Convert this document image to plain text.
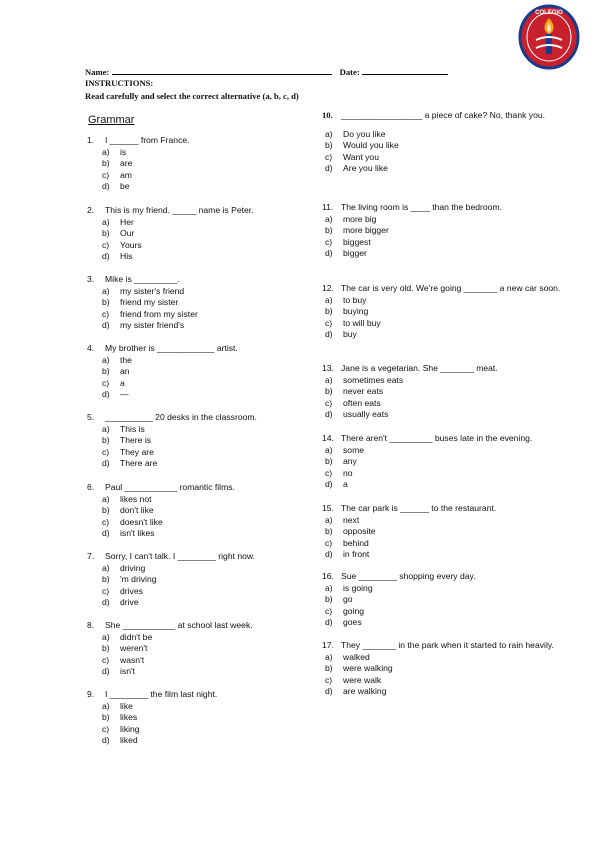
COLEGIO
Name:	Date:
INSTRUCTIONS:
Read carefully and select the correct alternative (a, b, c, d)
Grammar
1.	I ______ from France.
a)	is
b)	are
c)	am
d)	be
2.	This is my friend. _____ name is Peter.
a)	Her
b)	Our
c)	Yours
d)	His
3.	Mike is _________.
a)	my sister's friend
b)	friend my sister
c)	friend from my sister
d)	my sister friend's
4.	My brother is ____________ artist.
a)	the
b)	an
c)	a
d)	—
5.	__________ 20 desks in the classroom.
a)	This is
b)	There is
c)	They are
d)	There are
6.	Paul ___________ romantic films.
a)	likes not
b)	don't like
c)	doesn't like
d)	isn't likes
7.	Sorry, I can't talk. I ________ right now.
a)	driving
b)	'm driving
c)	drives
d)	drive
8.	She ___________ at school last week.
a)	didn't be
b)	weren't
c)	wasn't
d)	isn't
9.	I ________ the film last night.
a)	like
b)	likes
c)	liking
d)	liked
10. _________________ a piece of cake? No, thank you.
a)	Do you like
b)	Would you like
c)	Want you
d)	Are you like
11. The living room is ____ than the bedroom.
a)	more big
b)	more bigger
c)	biggest
d)	bigger
12. The car is very old. We're going _______ a new car soon.
a)	to buy
b)	buying
c)	to will buy
d)	buy
13. Jane is a vegetarian. She _______ meat.
a)	sometimes eats
b)	never eats
c)	often eats
d)	usually eats
14. There aren't _________ buses late in the evening.
a)	some
b)	any
c)	no
d)	a
15. The car park is ______ to the restaurant.
a)	next
b)	opposite
c)	behind
d)	in front
16. Sue ________ shopping every day.
a)	is going
b)	go
c)	going
d)	goes
17. They _______ in the park when it started to rain heavily.
a)	walked
b)	were walking
c)	were walk
d)	are walking
